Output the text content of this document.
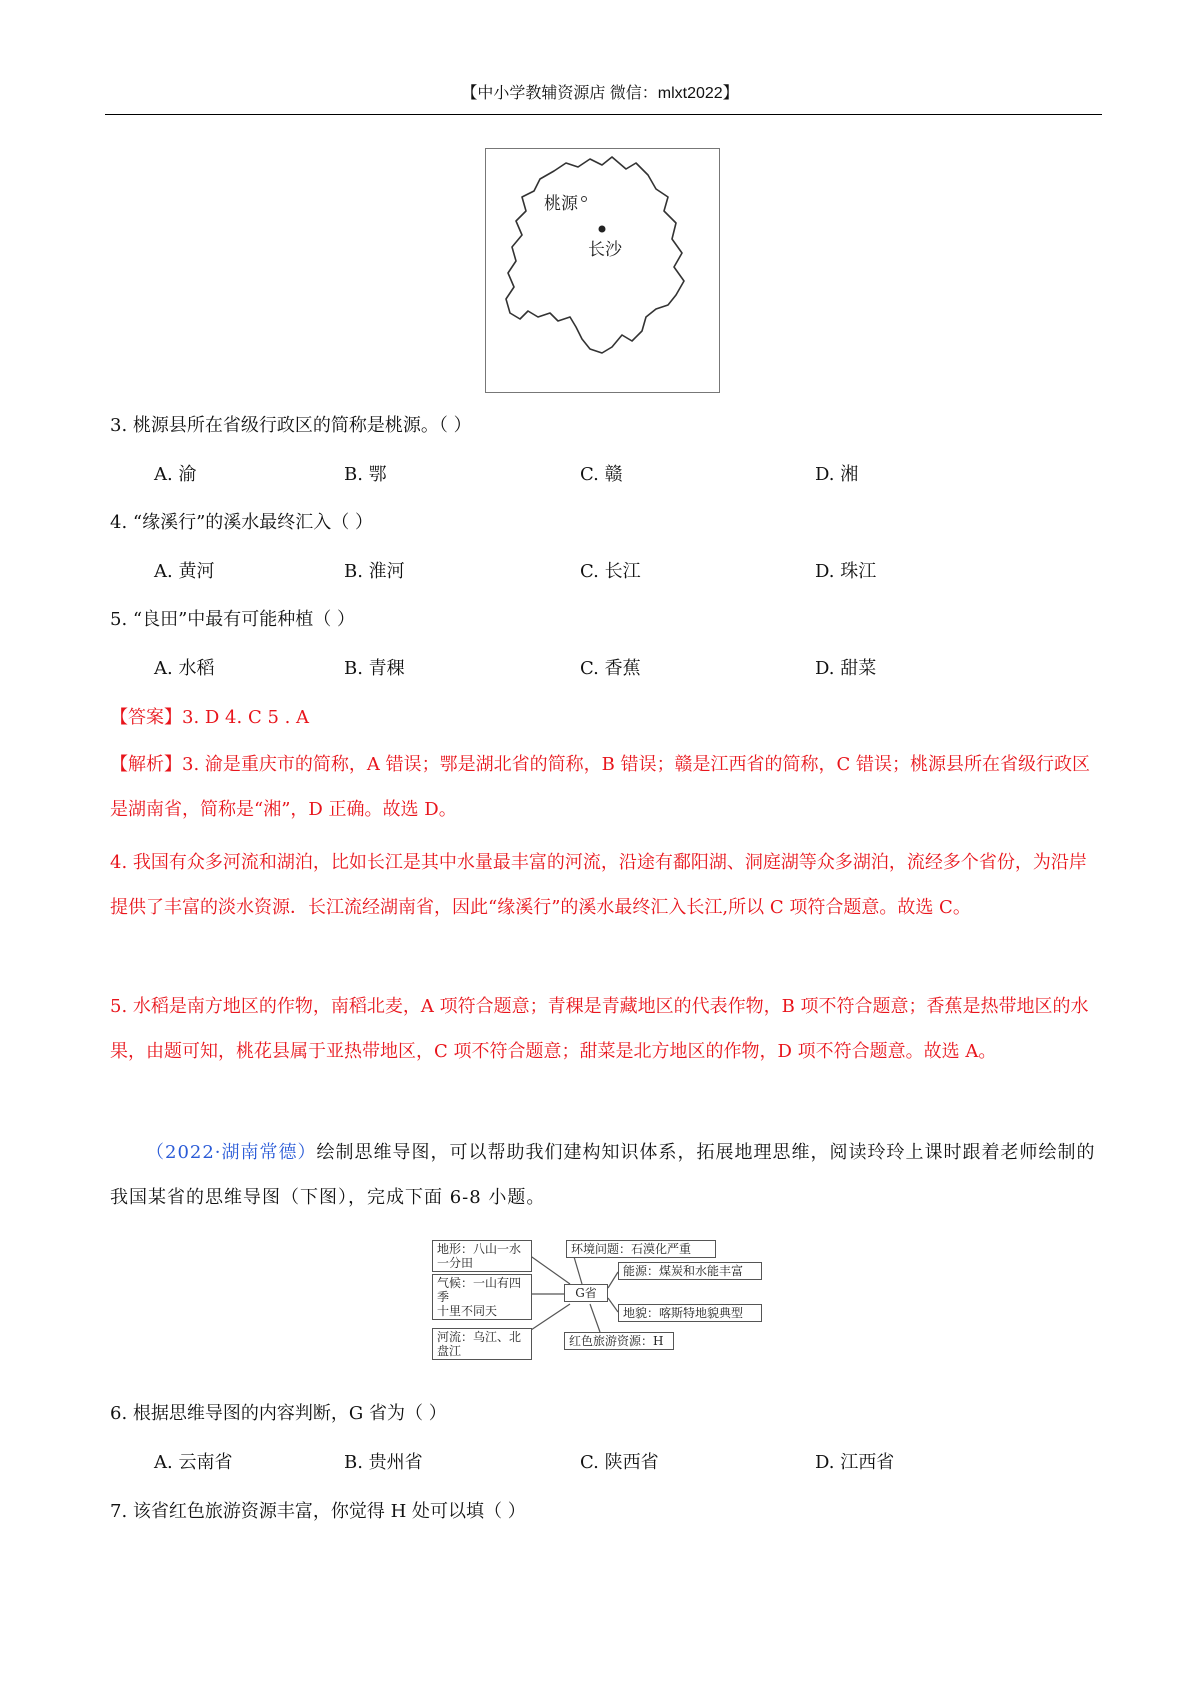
【中小学教辅资源店 微信：mlxt2022】
桃源
长沙
3. 桃源县所在省级行政区的简称是桃源。（ ）
A. 渝	B. 鄂	C. 赣	D. 湘
4. “缘溪行”的溪水最终汇入（ ）
A. 黄河	B. 淮河	C. 长江	D. 珠江
5. “良田”中最有可能种植（ ）
A. 水稻	B. 青稞	C. 香蕉	D. 甜菜
【答案】3. D 4. C 5 . A
【解析】3. 渝是重庆市的简称，A 错误；鄂是湖北省的简称，B 错误；赣是江西省的简称，C 错误；桃源县所在省级行政区是湖南省，简称是“湘”，D 正确。故选 D。
4. 我国有众多河流和湖泊，比如长江是其中水量最丰富的河流，沿途有鄱阳湖、洞庭湖等众多湖泊，流经多个省份，为沿岸提供了丰富的淡水资源．长江流经湖南省，因此“缘溪行”的溪水最终汇入长江,所以 C 项符合题意。故选 C。
5. 水稻是南方地区的作物，南稻北麦，A 项符合题意；青稞是青藏地区的代表作物，B 项不符合题意；香蕉是热带地区的水果，由题可知，桃花县属于亚热带地区，C 项不符合题意；甜菜是北方地区的作物，D 项不符合题意。故选 A。
（2022·湖南常德）绘制思维导图，可以帮助我们建构知识体系，拓展地理思维，阅读玲玲上课时跟着老师绘制的我国某省的思维导图（下图），完成下面 6-8 小题。
地形：八山一水一分田
环境问题：石漠化严重
气候：一山有四季
十里不同天
G省
能源：煤炭和水能丰富
地貌：喀斯特地貌典型
河流：乌江、北盘江
红色旅游资源：H
6. 根据思维导图的内容判断，G 省为（ ）
A. 云南省	B. 贵州省	C. 陕西省	D. 江西省
7. 该省红色旅游资源丰富，你觉得 H 处可以填（ ）
